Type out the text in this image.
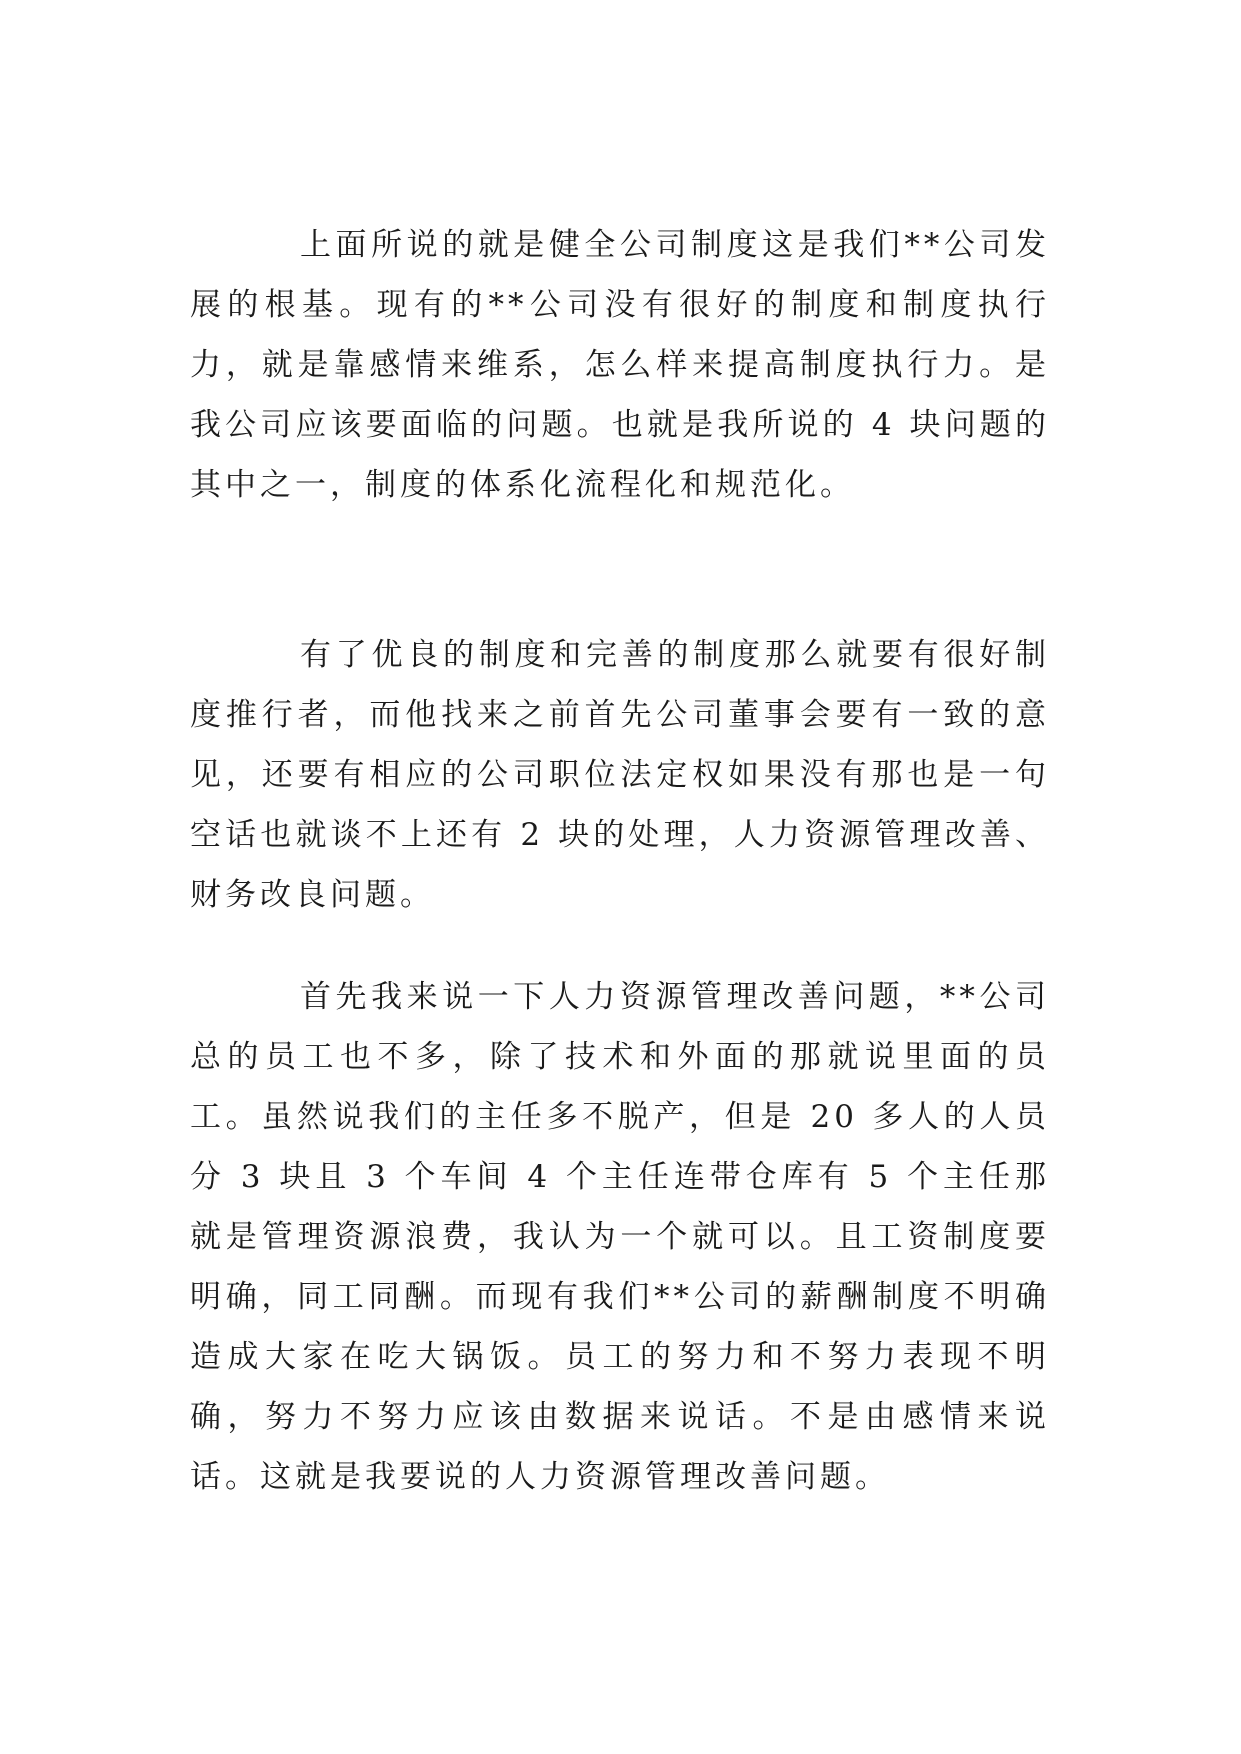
上面所说的就是健全公司制度这是我们**公司发展的根基。现有的**公司没有很好的制度和制度执行力，就是靠感情来维系，怎么样来提高制度执行力。是我公司应该要面临的问题。也就是我所说的 4 块问题的其中之一，制度的体系化流程化和规范化。

有了优良的制度和完善的制度那么就要有很好制度推行者，而他找来之前首先公司董事会要有一致的意见，还要有相应的公司职位法定权如果没有那也是一句空话也就谈不上还有 2 块的处理，人力资源管理改善、财务改良问题。

首先我来说一下人力资源管理改善问题，**公司总的员工也不多，除了技术和外面的那就说里面的员工。虽然说我们的主任多不脱产，但是 20 多人的人员分 3 块且 3 个车间 4 个主任连带仓库有 5 个主任那就是管理资源浪费，我认为一个就可以。且工资制度要明确，同工同酬。而现有我们**公司的薪酬制度不明确造成大家在吃大锅饭。员工的努力和不努力表现不明确，努力不努力应该由数据来说话。不是由感情来说话。这就是我要说的人力资源管理改善问题。
